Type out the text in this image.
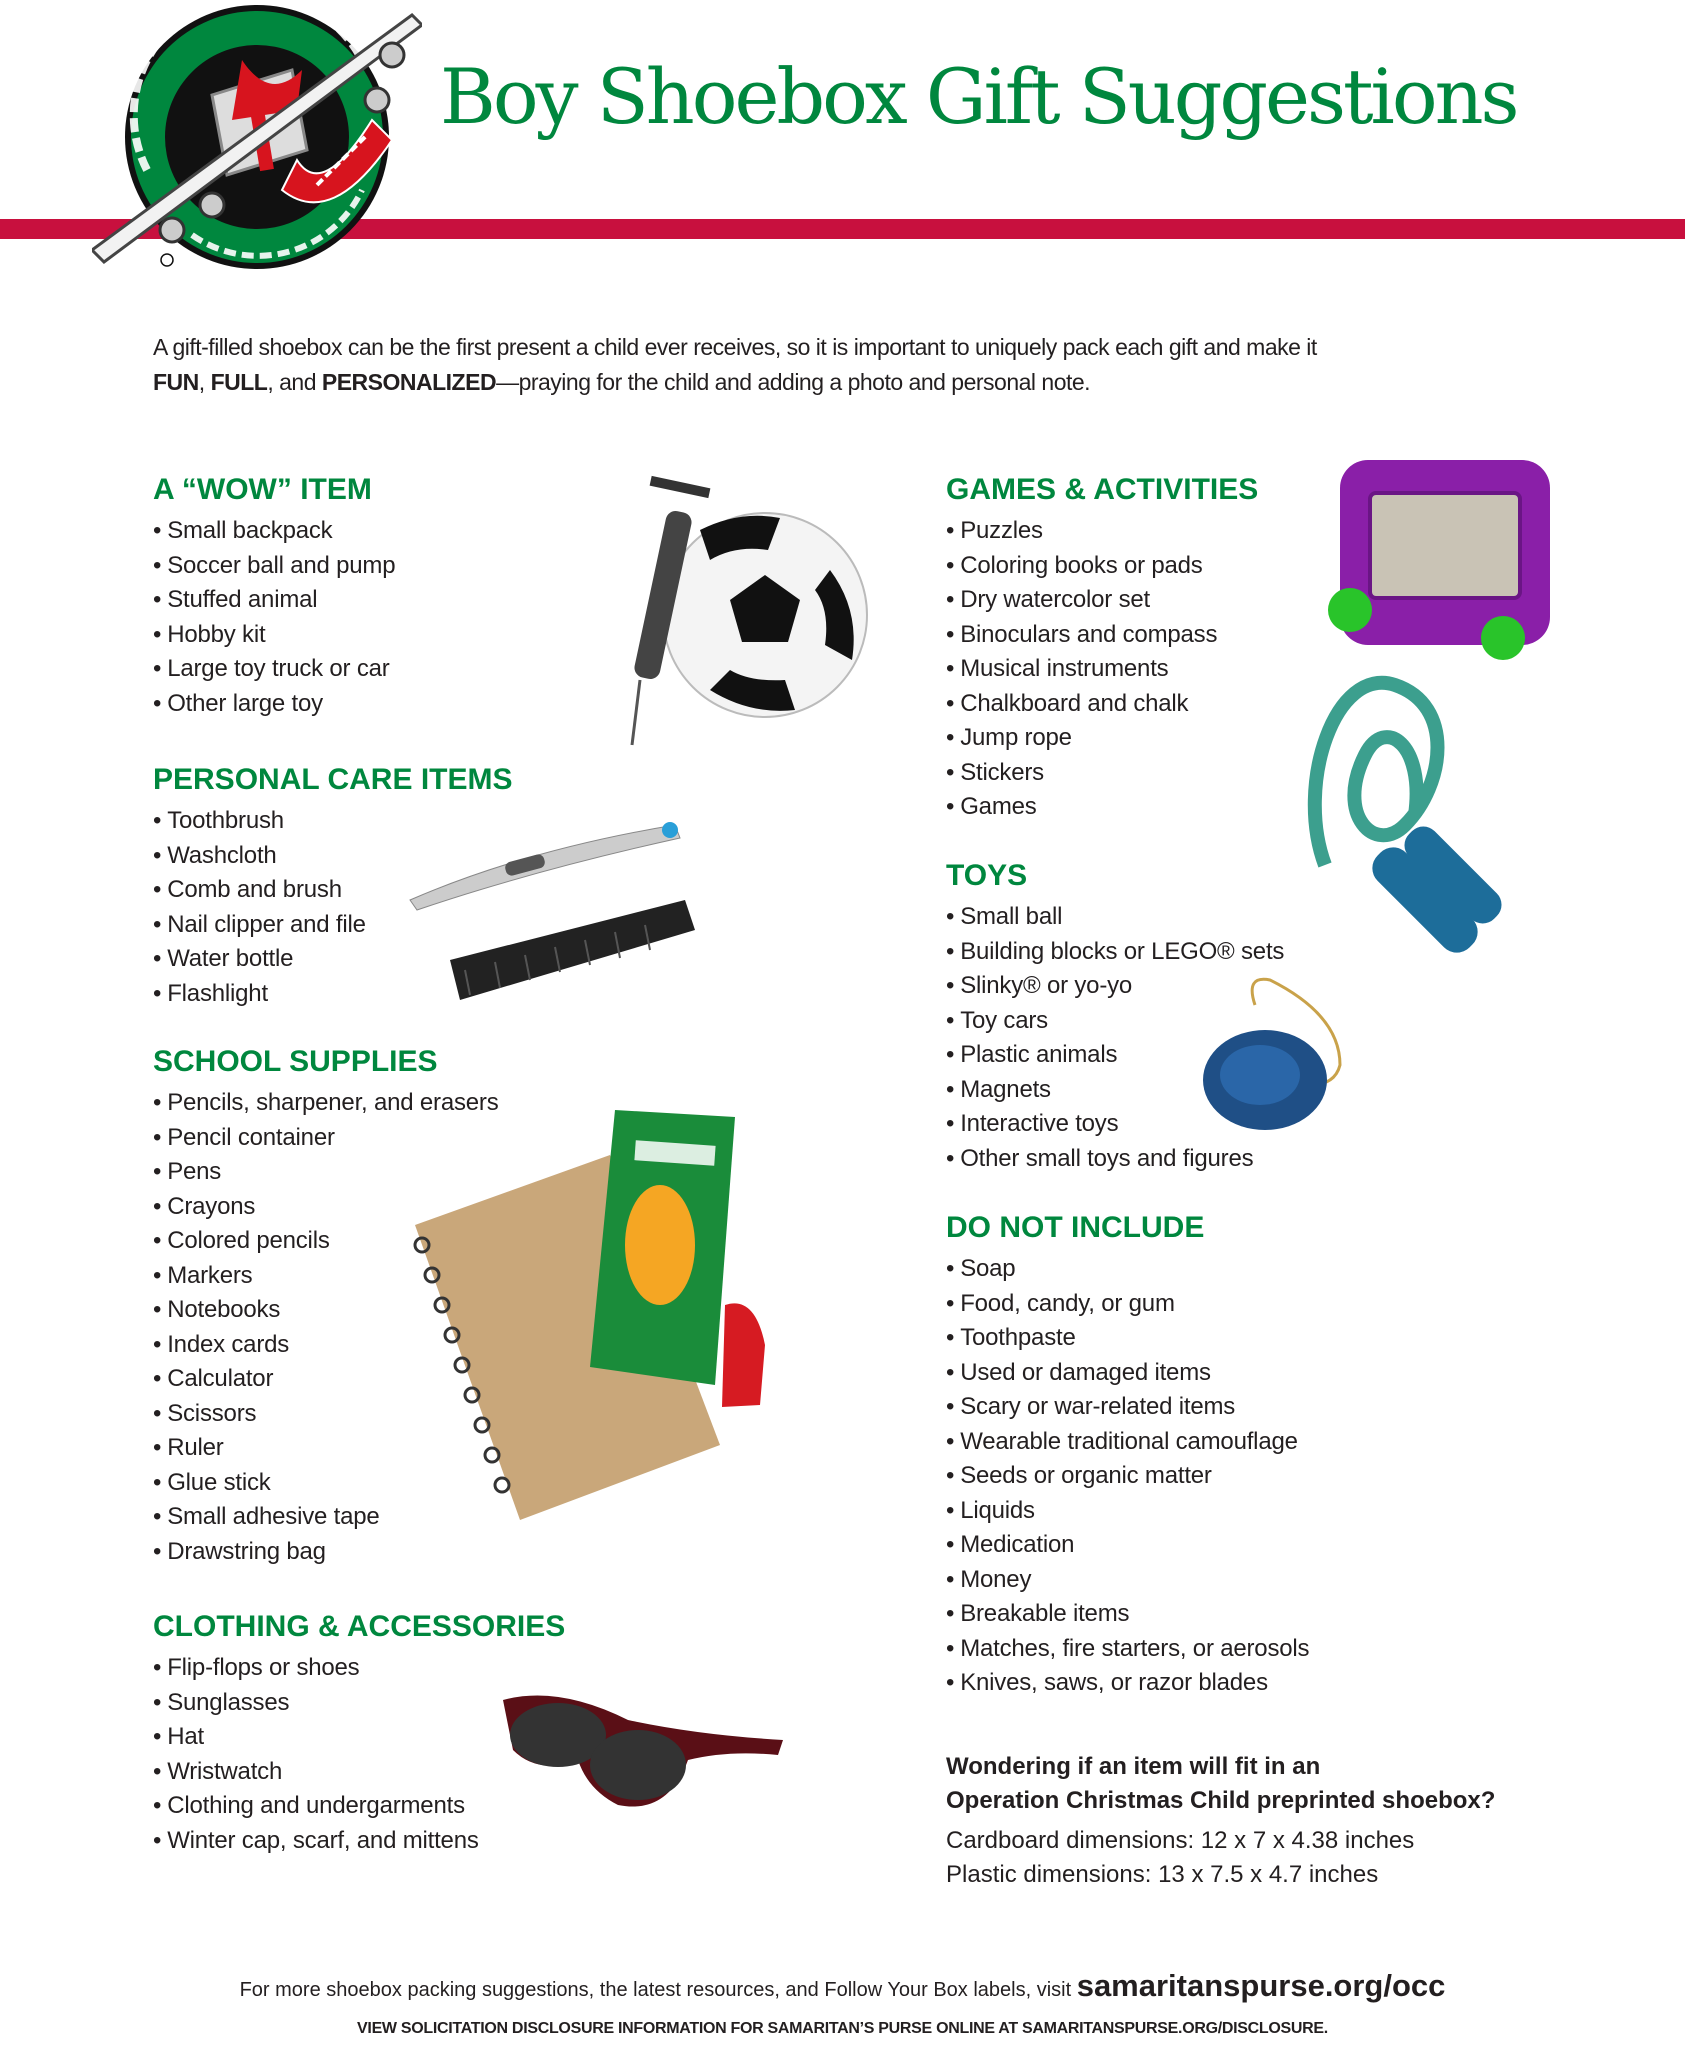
Boy Shoebox Gift Suggestions
A gift-filled shoebox can be the first present a child ever receives, so it is important to uniquely pack each gift and make it
FUN, FULL, and PERSONALIZED—praying for the child and adding a photo and personal note.
A “WOW” ITEM
• Small backpack
• Soccer ball and pump
• Stuffed animal
• Hobby kit
• Large toy truck or car
• Other large toy
PERSONAL CARE ITEMS
• Toothbrush
• Washcloth
• Comb and brush
• Nail clipper and file
• Water bottle
• Flashlight
SCHOOL SUPPLIES
• Pencils, sharpener, and erasers
• Pencil container
• Pens
• Crayons
• Colored pencils
• Markers
• Notebooks
• Index cards
• Calculator
• Scissors
• Ruler
• Glue stick
• Small adhesive tape
• Drawstring bag
CLOTHING & ACCESSORIES
• Flip-flops or shoes
• Sunglasses
• Hat
• Wristwatch
• Clothing and undergarments
• Winter cap, scarf, and mittens
GAMES & ACTIVITIES
• Puzzles
• Coloring books or pads
• Dry watercolor set
• Binoculars and compass
• Musical instruments
• Chalkboard and chalk
• Jump rope
• Stickers
• Games
TOYS
• Small ball
• Building blocks or LEGO® sets
• Slinky® or yo-yo
• Toy cars
• Plastic animals
• Magnets
• Interactive toys
• Other small toys and figures
DO NOT INCLUDE
• Soap
• Food, candy, or gum
• Toothpaste
• Used or damaged items
• Scary or war-related items
• Wearable traditional camouflage
• Seeds or organic matter
• Liquids
• Medication
• Money
• Breakable items
• Matches, fire starters, or aerosols
• Knives, saws, or razor blades
Wondering if an item will fit in an
Operation Christmas Child preprinted shoebox?
Cardboard dimensions: 12 x 7 x 4.38 inches
Plastic dimensions: 13 x 7.5 x 4.7 inches
For more shoebox packing suggestions, the latest resources, and Follow Your Box labels, visit samaritanspurse.org/occ
VIEW SOLICITATION DISCLOSURE INFORMATION FOR SAMARITAN’S PURSE ONLINE AT SAMARITANSPURSE.ORG/DISCLOSURE.
